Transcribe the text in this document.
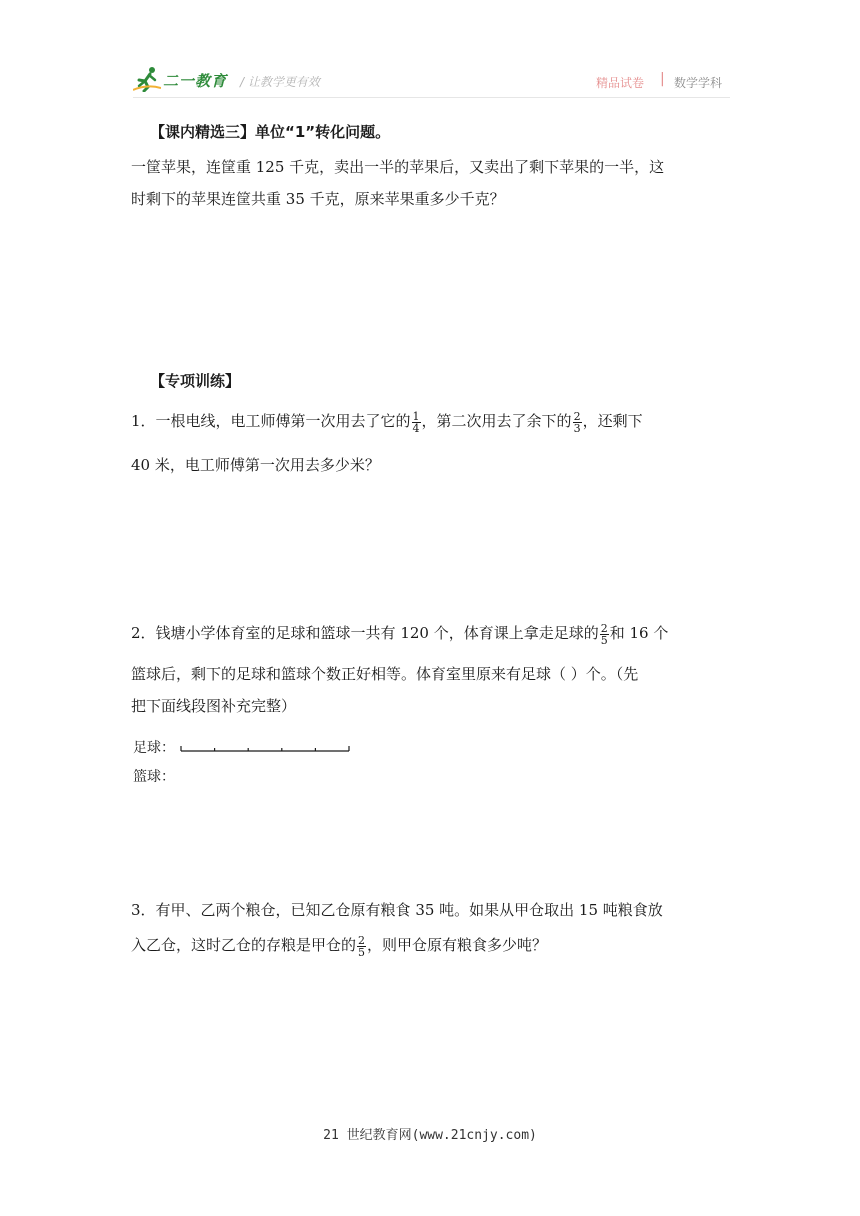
二一教育 / 让教学更有效	精品试卷 | 数学学科
【课内精选三】单位“1”转化问题。
一筐苹果，连筐重 125 千克，卖出一半的苹果后，又卖出了剩下苹果的一半，这
时剩下的苹果连筐共重 35 千克，原来苹果重多少千克？
【专项训练】
1．一根电线，电工师傅第一次用去了它的 $\frac{1}{4}$ ，第二次用去了余下的 $\frac{2}{3}$ ，还剩下
40 米，电工师傅第一次用去多少米？
2．钱塘小学体育室的足球和篮球一共有 120 个，体育课上拿走足球的 $\frac{2}{5}$ 和 16 个
篮球后，剩下的足球和篮球个数正好相等。体育室里原来有足球（ ）个。（先
把下面线段图补充完整）
足球：
篮球：
3．有甲、乙两个粮仓，已知乙仓原有粮食 35 吨。如果从甲仓取出 15 吨粮食放
入乙仓，这时乙仓的存粮是甲仓的 $\frac{2}{5}$ ，则甲仓原有粮食多少吨？
21 世纪教育网(www.21cnjy.com)
